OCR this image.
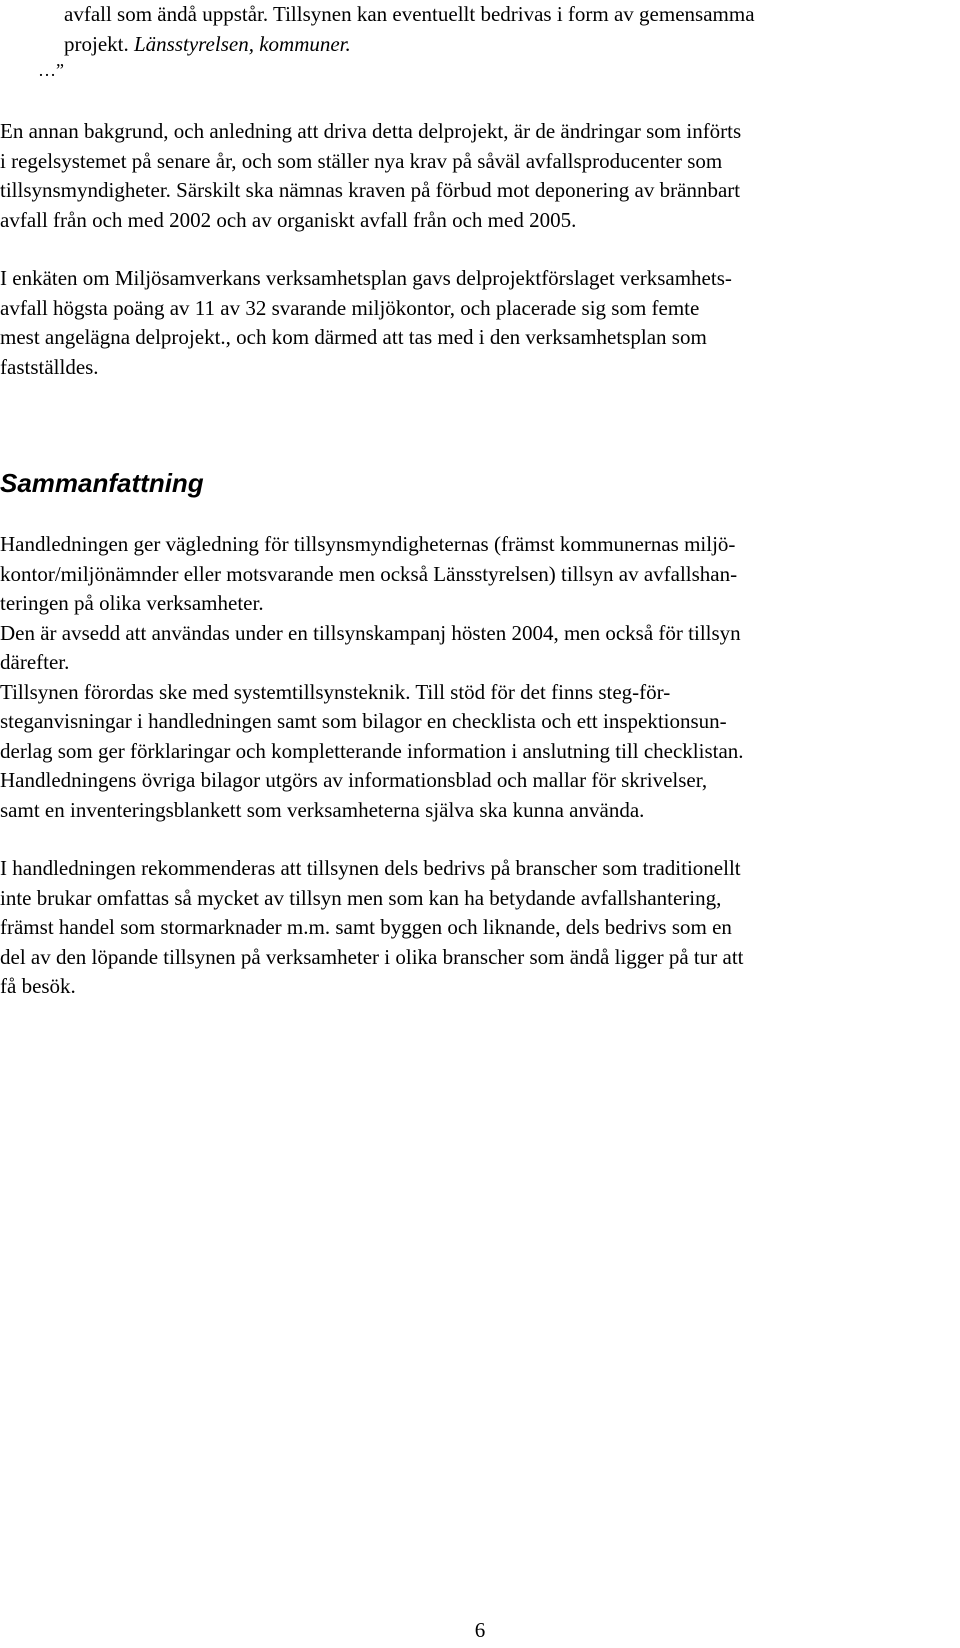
avfall som ändå uppstår. Tillsynen kan eventuellt bedrivas i form av gemensamma
projekt. Länsstyrelsen, kommuner.
…”
En annan bakgrund, och anledning att driva detta delprojekt, är de ändringar som införts
i regelsystemet på senare år, och som ställer nya krav på såväl avfallsproducenter som
tillsynsmyndigheter. Särskilt ska nämnas kraven på förbud mot deponering av brännbart
avfall från och med 2002 och av organiskt avfall från och med 2005.
I enkäten om Miljösamverkans verksamhetsplan gavs delprojektförslaget verksamhets-
avfall högsta poäng av 11 av 32 svarande miljökontor, och placerade sig som femte
mest angelägna delprojekt., och kom därmed att tas med i den verksamhetsplan som
fastställdes.
Sammanfattning
Handledningen ger vägledning för tillsynsmyndigheternas (främst kommunernas miljö-
kontor/miljönämnder eller motsvarande men också Länsstyrelsen) tillsyn av avfallshan-
teringen på olika verksamheter.
Den är avsedd att användas under en tillsynskampanj hösten 2004, men också för tillsyn
därefter.
Tillsynen förordas ske med systemtillsynsteknik. Till stöd för det finns steg-för-
steganvisningar i handledningen samt som bilagor en checklista och ett inspektionsun-
derlag som ger förklaringar och kompletterande information i anslutning till checklistan.
Handledningens övriga bilagor utgörs av informationsblad och mallar för skrivelser,
samt en inventeringsblankett som verksamheterna själva ska kunna använda.
I handledningen rekommenderas att tillsynen dels bedrivs på branscher som traditionellt
inte brukar omfattas så mycket av tillsyn men som kan ha betydande avfallshantering,
främst handel som stormarknader m.m. samt byggen och liknande, dels bedrivs som en
del av den löpande tillsynen på verksamheter i olika branscher som ändå ligger på tur att
få besök.
6
